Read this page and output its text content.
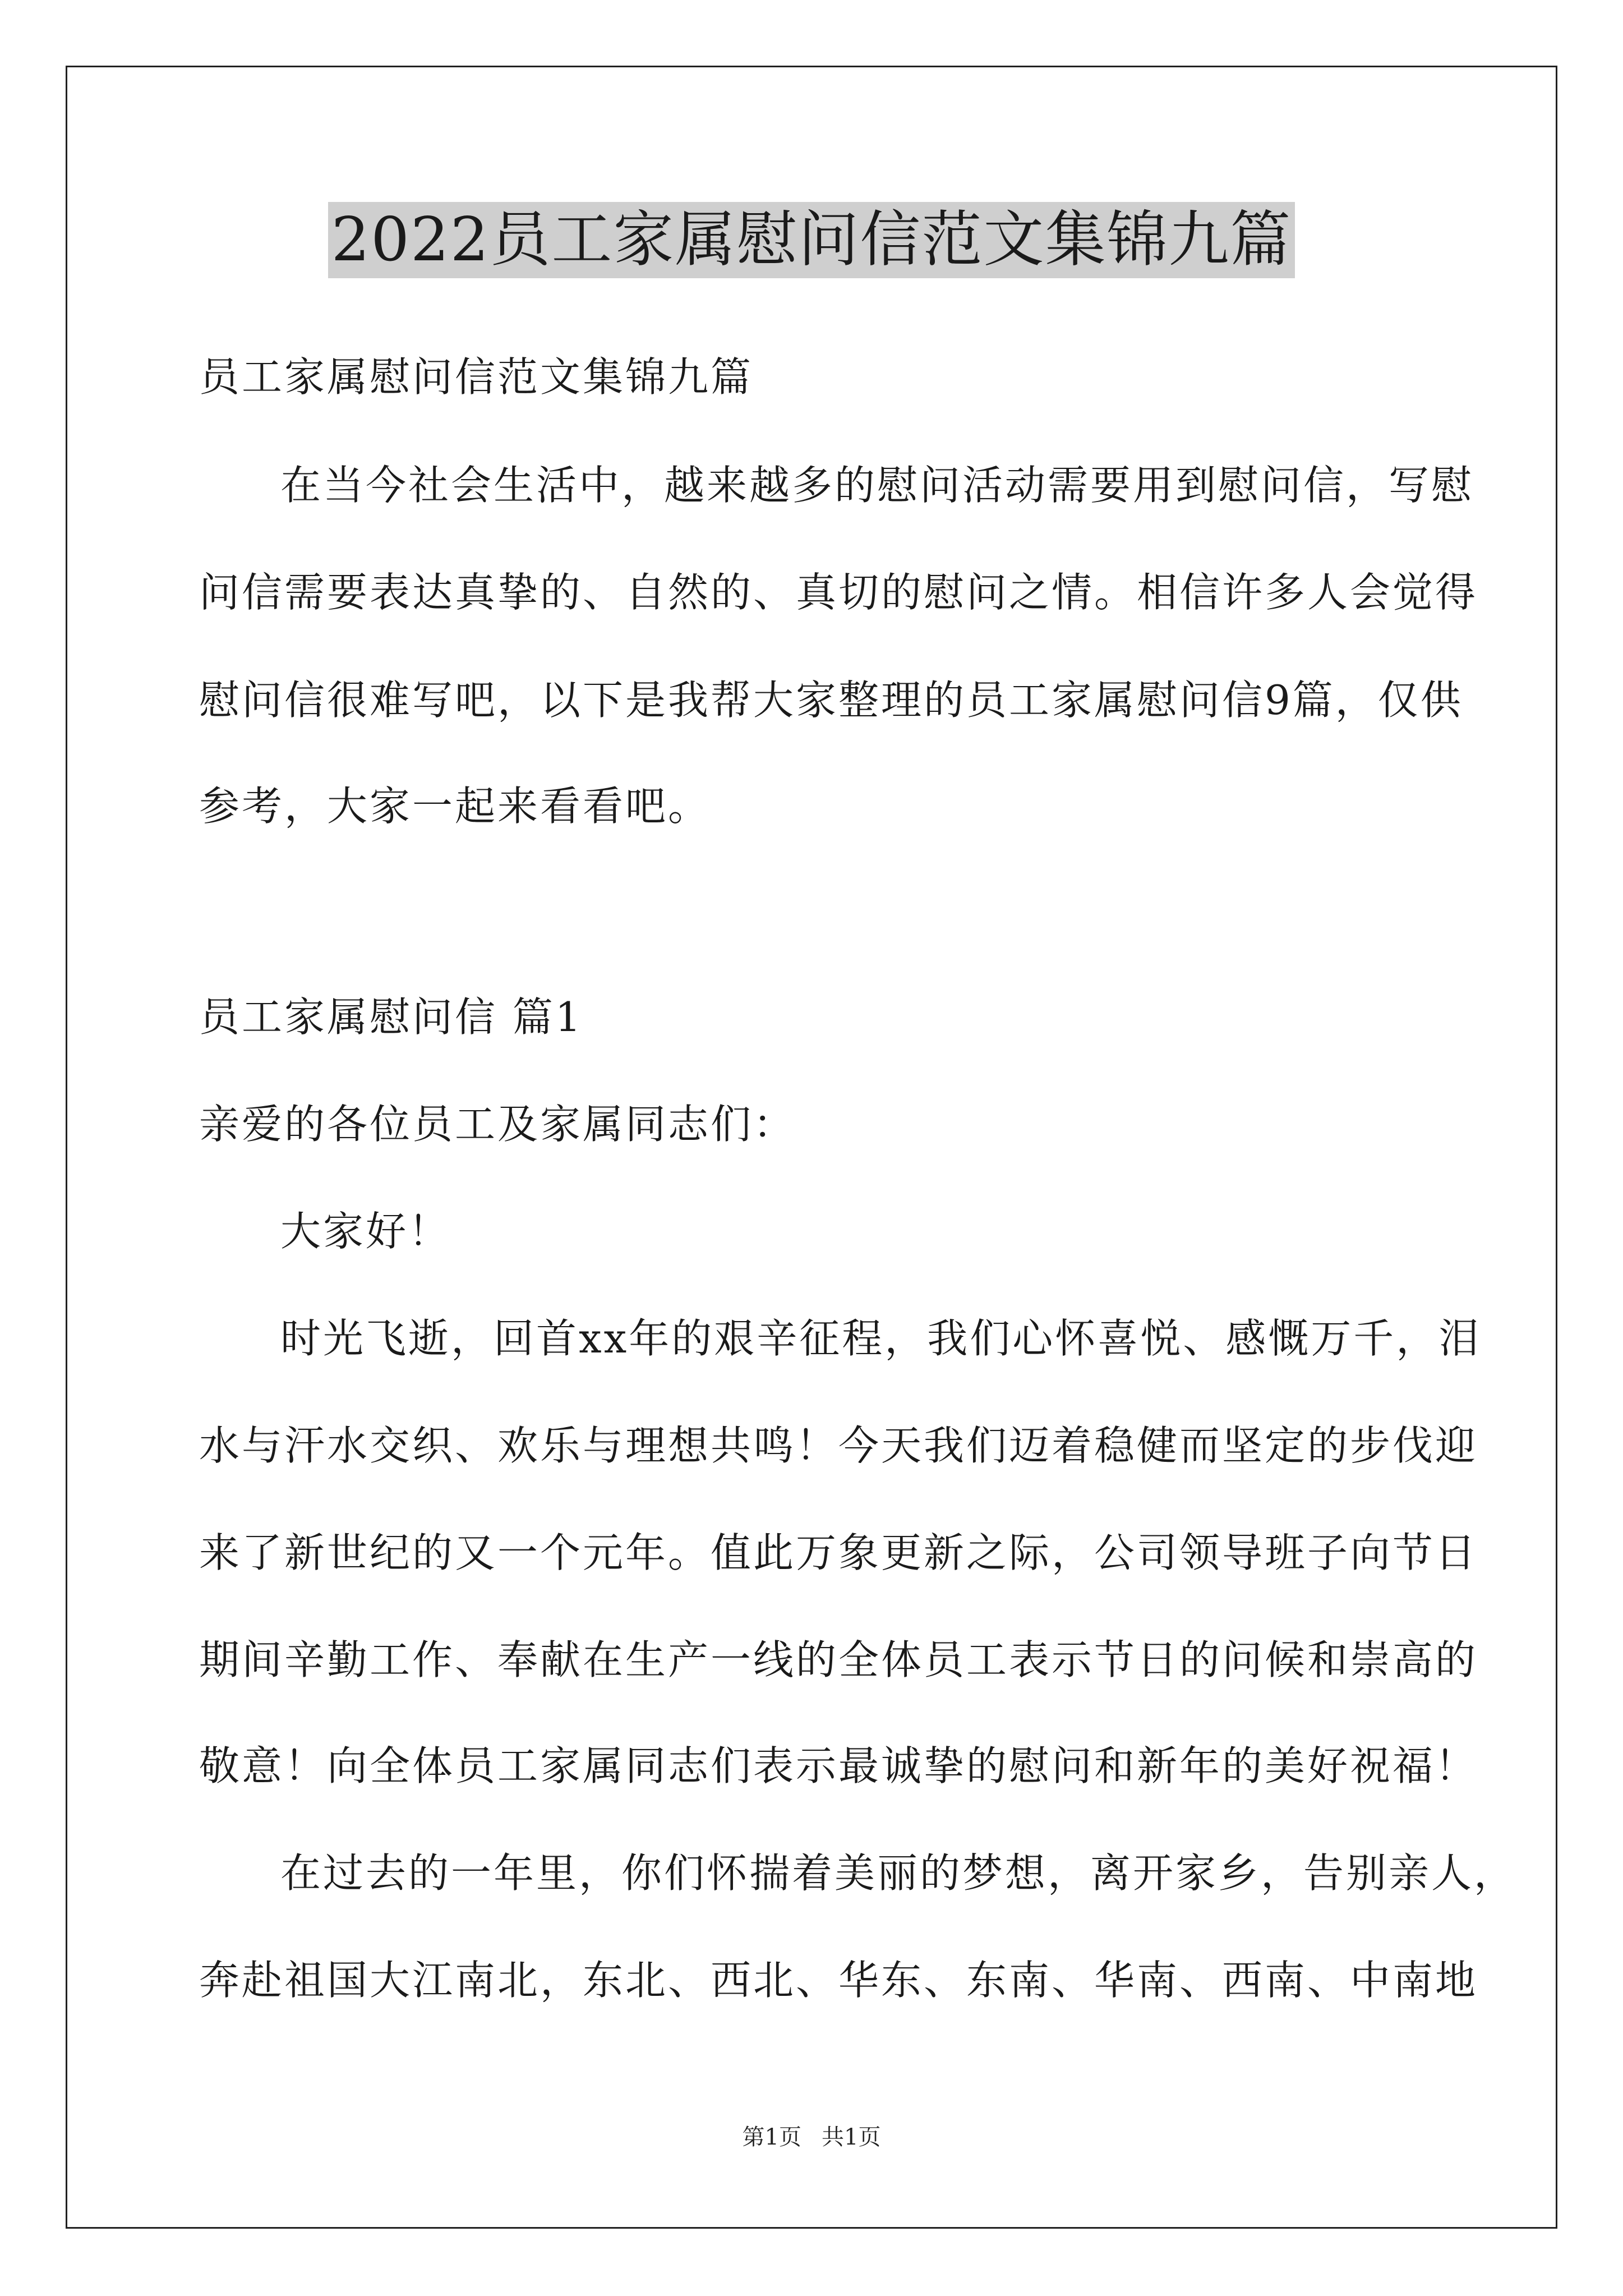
2022员工家属慰问信范文集锦九篇
员工家属慰问信范文集锦九篇
在当今社会生活中，越来越多的慰问活动需要用到慰问信，写慰
问信需要表达真挚的、自然的、真切的慰问之情。相信许多人会觉得
慰问信很难写吧，以下是我帮大家整理的员工家属慰问信9篇，仅供
参考，大家一起来看看吧。
员工家属慰问信 篇1
亲爱的各位员工及家属同志们：
大家好！
时光飞逝，回首xx年的艰辛征程，我们心怀喜悦、感慨万千，泪
水与汗水交织、欢乐与理想共鸣！今天我们迈着稳健而坚定的步伐迎
来了新世纪的又一个元年。值此万象更新之际，公司领导班子向节日
期间辛勤工作、奉献在生产一线的全体员工表示节日的问候和崇高的
敬意！向全体员工家属同志们表示最诚挚的慰问和新年的美好祝福！
在过去的一年里，你们怀揣着美丽的梦想，离开家乡，告别亲人，
奔赴祖国大江南北，东北、西北、华东、东南、华南、西南、中南地
第1页 共1页
